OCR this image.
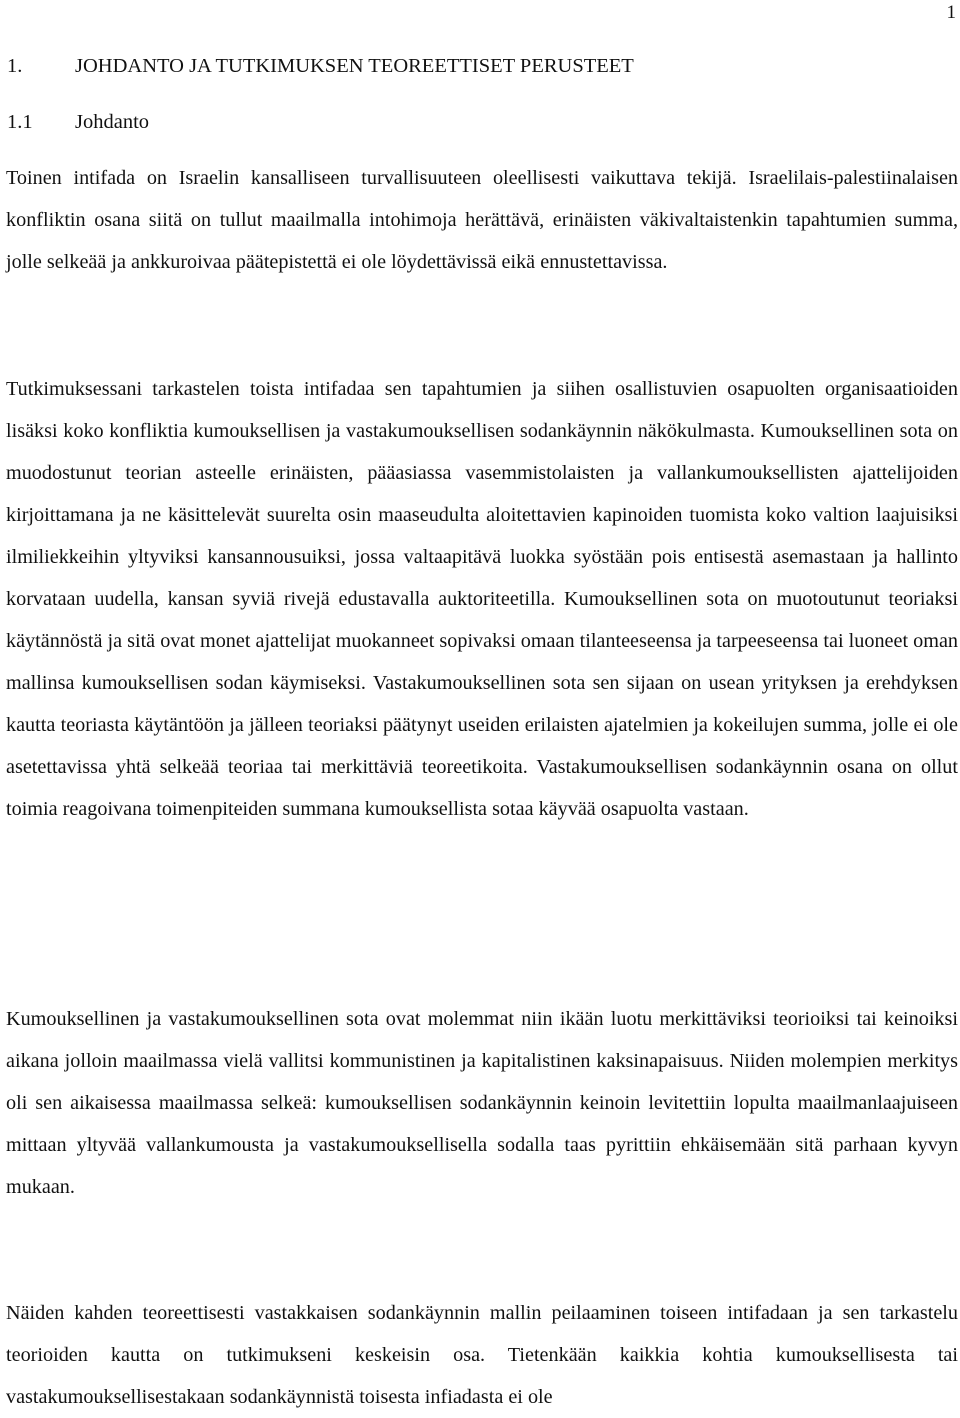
1
1.	JOHDANTO JA TUTKIMUKSEN TEOREETTISET PERUSTEET
1.1 Johdanto

Toinen intifada on Israelin kansalliseen turvallisuuteen oleellisesti vaikuttava tekijä. Israelilais-palestiinalaisen konfliktin osana siitä on tullut maailmalla intohimoja herättävä, erinäisten väkivaltaistenkin tapahtumien summa, jolle selkeää ja ankkuroivaa päätepistettä ei ole löydettävissä eikä ennustettavissa.

Tutkimuksessani tarkastelen toista intifadaa sen tapahtumien ja siihen osallistuvien osapuolten organisaatioiden lisäksi koko konfliktia kumouksellisen ja vastakumouksellisen sodankäynnin näkökulmasta. Kumouksellinen sota on muodostunut teorian asteelle erinäisten, pääasiassa vasemmistolaisten ja vallankumouksellisten ajattelijoiden kirjoittamana ja ne käsittelevät suurelta osin maaseudulta aloitettavien kapinoiden tuomista koko valtion laajuisiksi ilmiliekkeihin yltyviksi kansannousuiksi, jossa valtaapitävä luokka syöstään pois entisestä asemastaan ja hallinto korvataan uudella, kansan syviä rivejä edustavalla auktoriteetilla. Kumouksellinen sota on muotoutunut teoriaksi käytännöstä ja sitä ovat monet ajattelijat muokanneet sopivaksi omaan tilanteeseensa ja tarpeeseensa tai luoneet oman mallinsa kumouksellisen sodan käymiseksi. Vastakumouksellinen sota sen sijaan on usean yrityksen ja erehdyksen kautta teoriasta käytäntöön ja jälleen teoriaksi päätynyt useiden erilaisten ajatelmien ja kokeilujen summa, jolle ei ole asetettavissa yhtä selkeää teoriaa tai merkittäviä teoreetikoita. Vastakumouksellisen sodankäynnin osana on ollut toimia reagoivana toimenpiteiden summana kumouksellista sotaa käyvää osapuolta vastaan.

Kumouksellinen ja vastakumouksellinen sota ovat molemmat niin ikään luotu merkittäviksi teorioiksi tai keinoiksi aikana jolloin maailmassa vielä vallitsi kommunistinen ja kapitalistinen kaksinapaisuus. Niiden molempien merkitys oli sen aikaisessa maailmassa selkeä: kumouksellisen sodankäynnin keinoin levitettiin lopulta maailmanlaajuiseen mittaan yltyvää vallankumousta ja vastakumouksellisella sodalla taas pyrittiin ehkäisemään sitä parhaan kyvyn mukaan.

Näiden kahden teoreettisesti vastakkaisen sodankäynnin mallin peilaaminen toiseen intifadaan ja sen tarkastelu teorioiden kautta on tutkimukseni keskeisin osa. Tietenkään kaikkia kohtia kumouksellisesta tai vastakumouksellisestakaan sodankäynnistä toisesta infiadasta ei ole
